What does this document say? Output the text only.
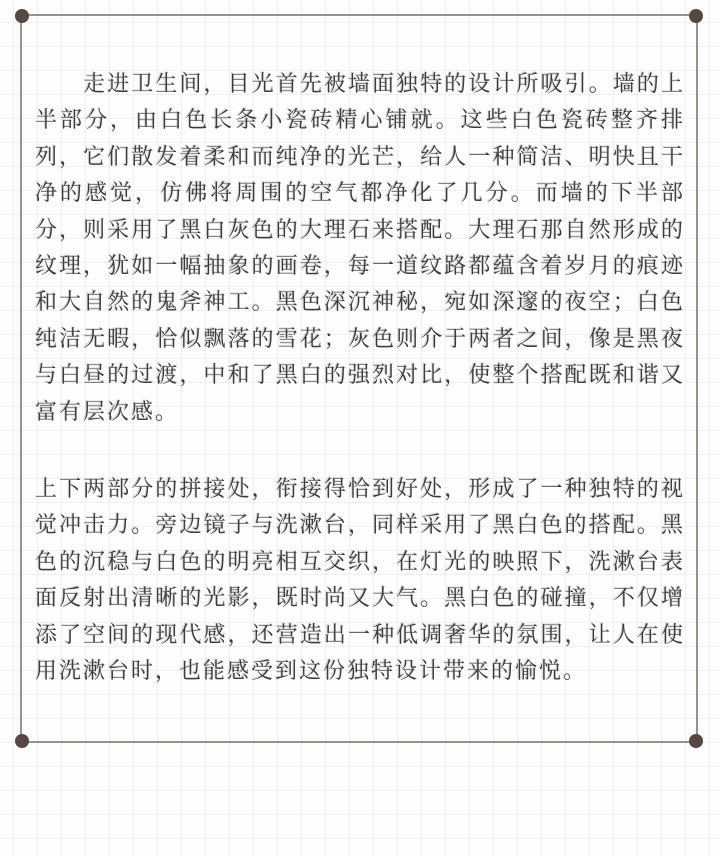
　　走进卫生间，目光首先被墙面独特的设计所吸引。墙的上
半部分，由白色长条小瓷砖精心铺就。这些白色瓷砖整齐排
列，它们散发着柔和而纯净的光芒，给人一种简洁、明快且干
净的感觉，仿佛将周围的空气都净化了几分。而墙的下半部
分，则采用了黑白灰色的大理石来搭配。大理石那自然形成的
纹理，犹如一幅抽象的画卷，每一道纹路都蕴含着岁月的痕迹
和大自然的鬼斧神工。黑色深沉神秘，宛如深邃的夜空；白色
纯洁无暇，恰似飘落的雪花；灰色则介于两者之间，像是黑夜
与白昼的过渡，中和了黑白的强烈对比，使整个搭配既和谐又
富有层次感。

上下两部分的拼接处，衔接得恰到好处，形成了一种独特的视
觉冲击力。旁边镜子与洗漱台，同样采用了黑白色的搭配。黑
色的沉稳与白色的明亮相互交织，在灯光的映照下，洗漱台表
面反射出清晰的光影，既时尚又大气。黑白色的碰撞，不仅增
添了空间的现代感，还营造出一种低调奢华的氛围，让人在使
用洗漱台时，也能感受到这份独特设计带来的愉悦。
